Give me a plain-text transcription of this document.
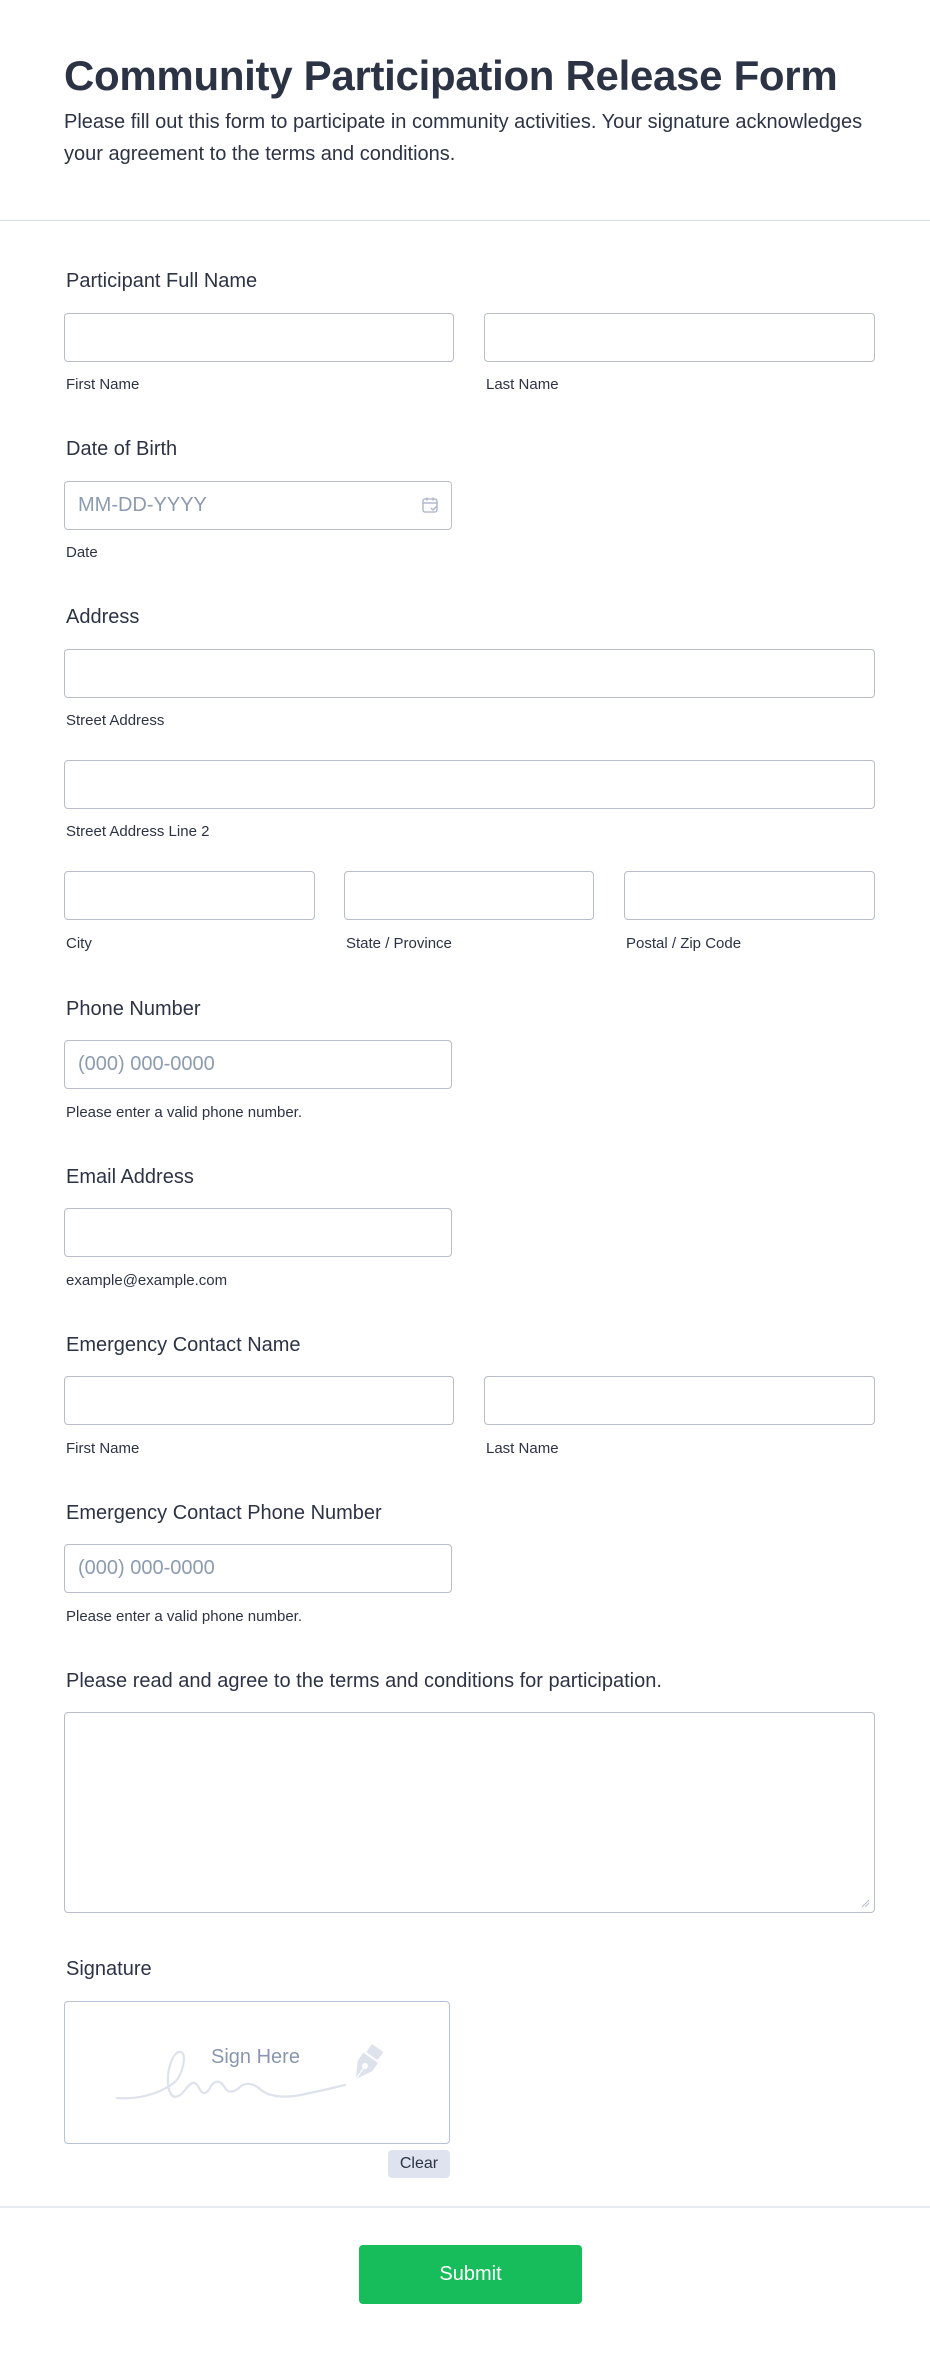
Community Participation Release Form
Please fill out this form to participate in community activities. Your signature acknowledges your agreement to the terms and conditions.
Participant Full Name
First Name	Last Name
Date of Birth
MM-DD-YYYY
Date
Address
Street Address
Street Address Line 2
City	State / Province	Postal / Zip Code
Phone Number
(000) 000-0000
Please enter a valid phone number.
Email Address
example@example.com
Emergency Contact Name
First Name	Last Name
Emergency Contact Phone Number
(000) 000-0000
Please enter a valid phone number.
Please read and agree to the terms and conditions for participation.
Signature
Sign Here
Clear
Submit
